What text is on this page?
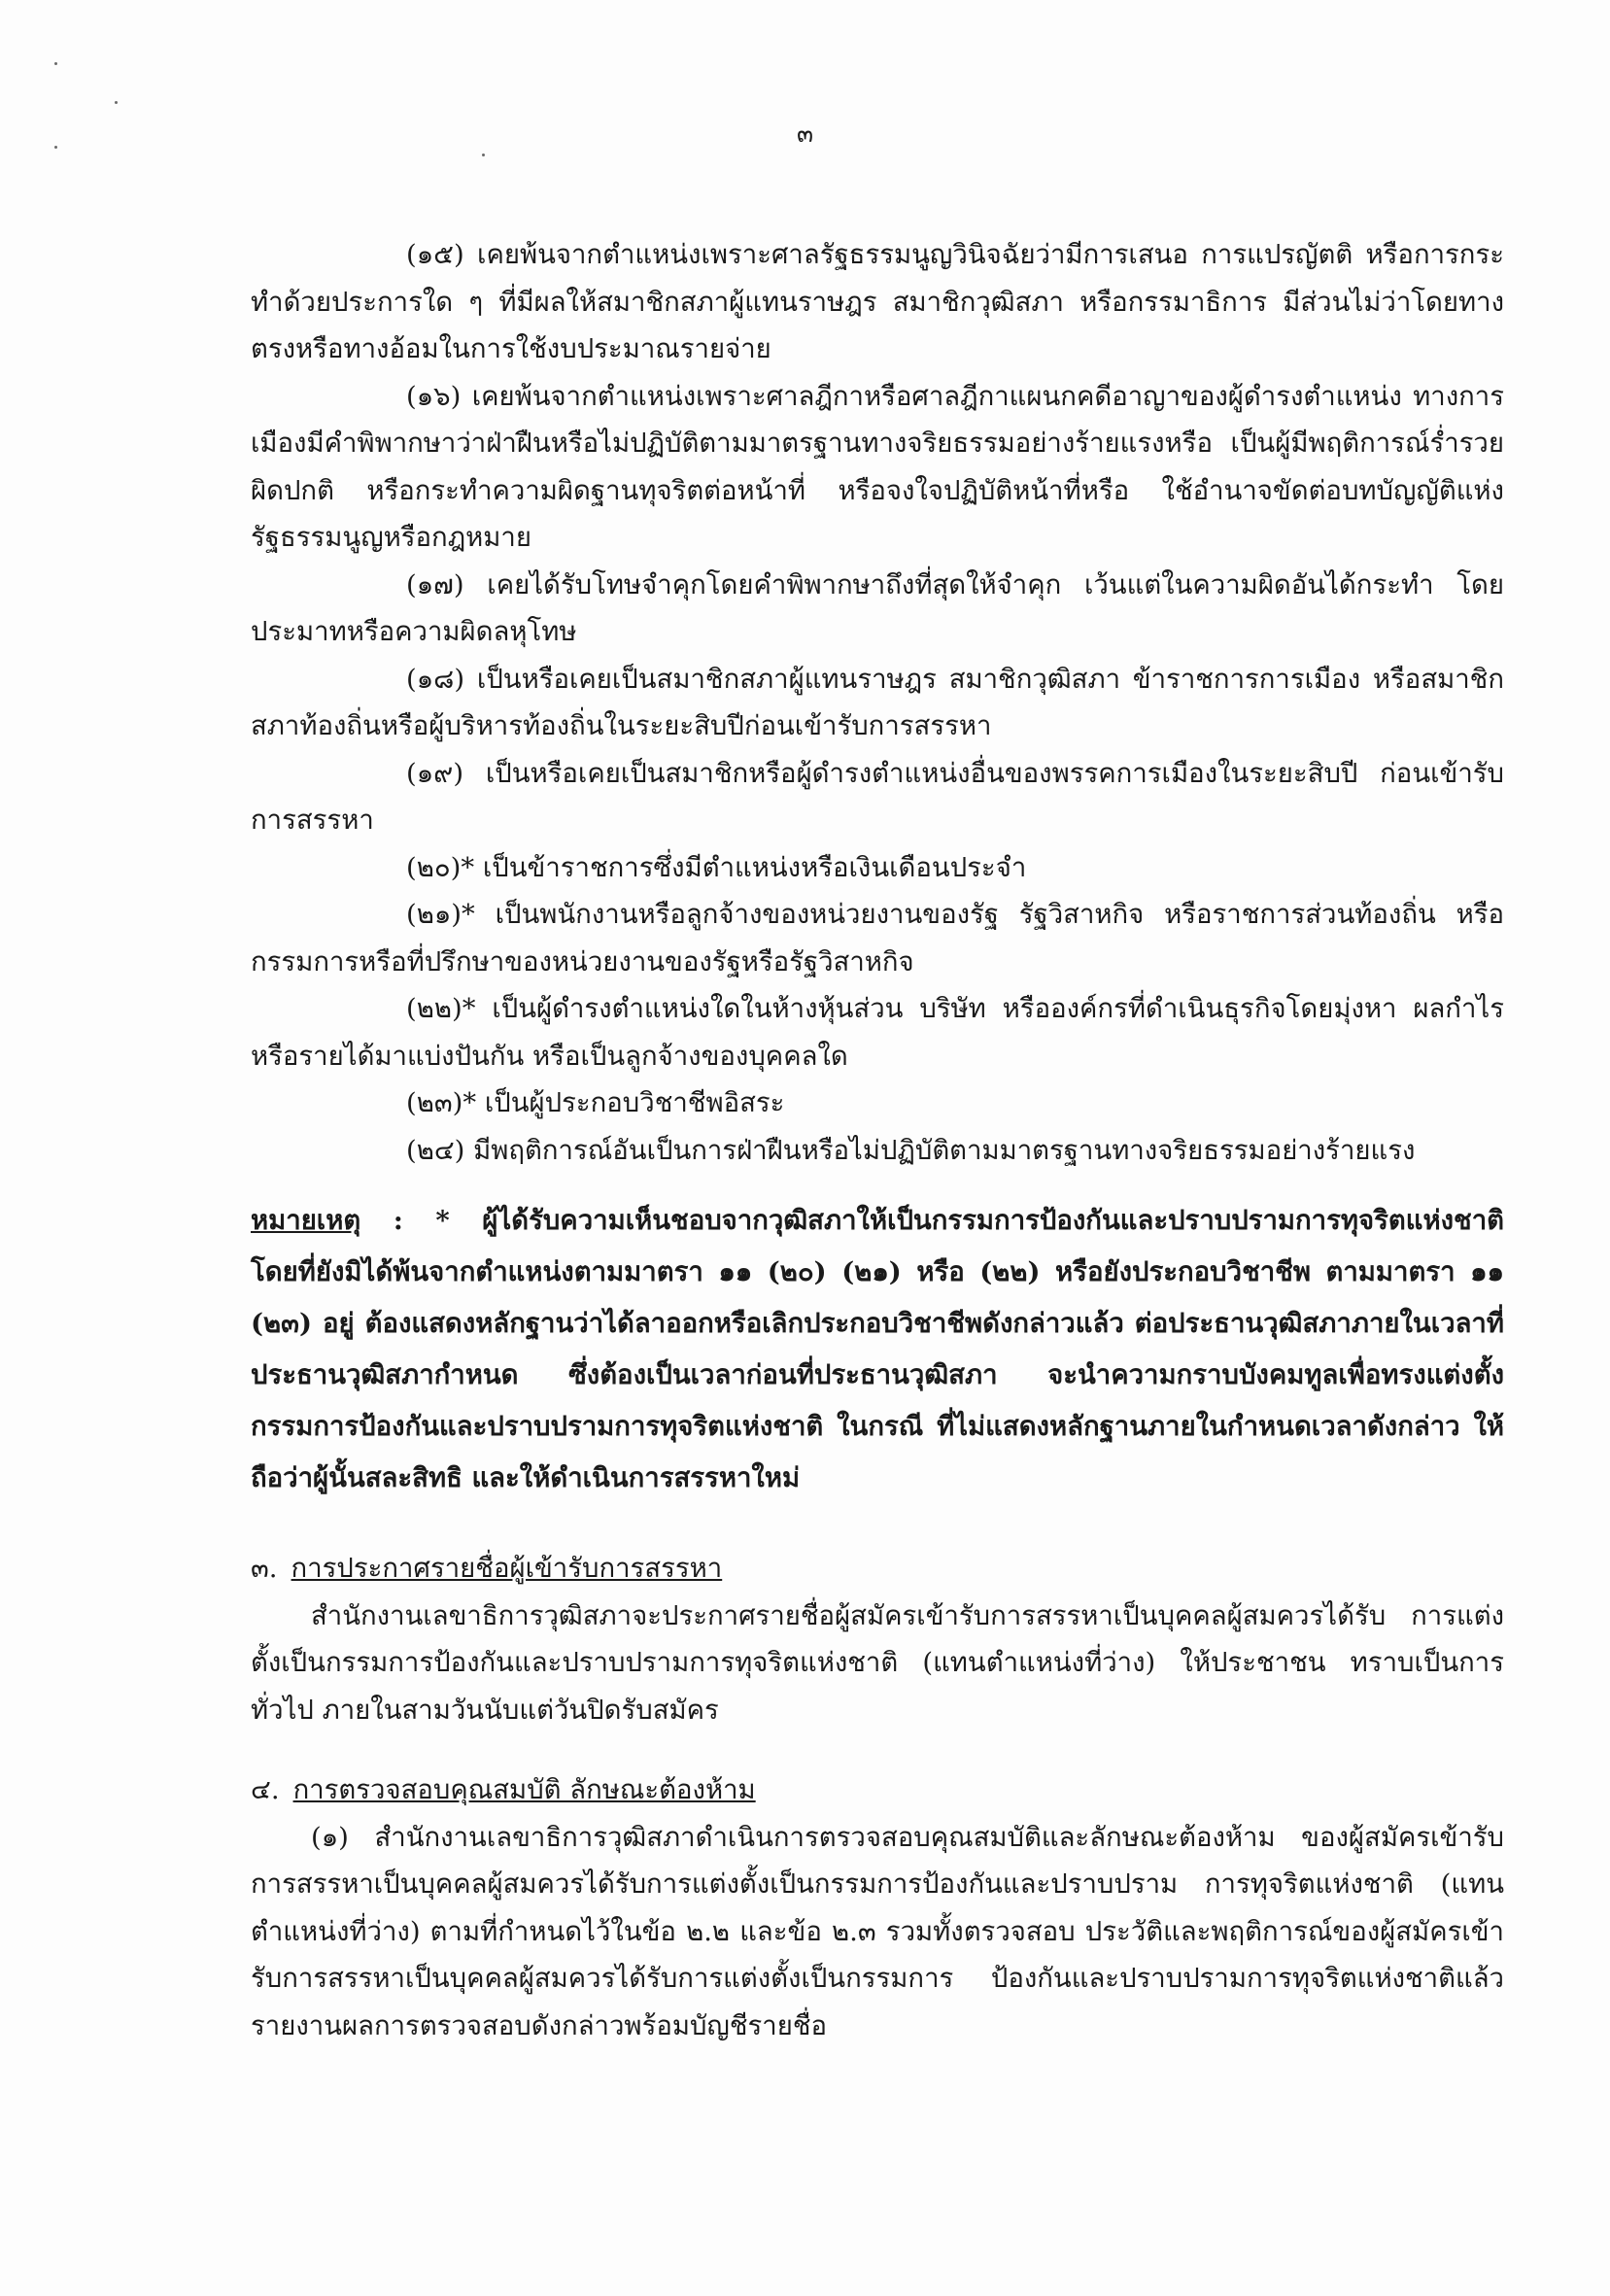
๓

(๑๕) เคยพ้นจากตำแหน่งเพราะศาลรัฐธรรมนูญวินิจฉัยว่ามีการเสนอ การแปรญัตติ หรือการกระทำด้วยประการใด ๆ ที่มีผลให้สมาชิกสภาผู้แทนราษฎร สมาชิกวุฒิสภา หรือกรรมาธิการ มีส่วนไม่ว่าโดยทางตรงหรือทางอ้อมในการใช้งบประมาณรายจ่าย

(๑๖) เคยพ้นจากตำแหน่งเพราะศาลฎีกาหรือศาลฎีกาแผนกคดีอาญาของผู้ดำรงตำแหน่ง ทางการเมืองมีคำพิพากษาว่าฝ่าฝืนหรือไม่ปฏิบัติตามมาตรฐานทางจริยธรรมอย่างร้ายแรงหรือ เป็นผู้มีพฤติการณ์ร่ำรวยผิดปกติ หรือกระทำความผิดฐานทุจริตต่อหน้าที่ หรือจงใจปฏิบัติหน้าที่หรือ ใช้อำนาจขัดต่อบทบัญญัติแห่งรัฐธรรมนูญหรือกฎหมาย

(๑๗) เคยได้รับโทษจำคุกโดยคำพิพากษาถึงที่สุดให้จำคุก เว้นแต่ในความผิดอันได้กระทำ โดยประมาทหรือความผิดลหุโทษ

(๑๘) เป็นหรือเคยเป็นสมาชิกสภาผู้แทนราษฎร สมาชิกวุฒิสภา ข้าราชการการเมือง หรือสมาชิกสภาท้องถิ่นหรือผู้บริหารท้องถิ่นในระยะสิบปีก่อนเข้ารับการสรรหา

(๑๙) เป็นหรือเคยเป็นสมาชิกหรือผู้ดำรงตำแหน่งอื่นของพรรคการเมืองในระยะสิบปี ก่อนเข้ารับการสรรหา

(๒๐)* เป็นข้าราชการซึ่งมีตำแหน่งหรือเงินเดือนประจำ

(๒๑)* เป็นพนักงานหรือลูกจ้างของหน่วยงานของรัฐ รัฐวิสาหกิจ หรือราชการส่วนท้องถิ่น หรือกรรมการหรือที่ปรึกษาของหน่วยงานของรัฐหรือรัฐวิสาหกิจ

(๒๒)* เป็นผู้ดำรงตำแหน่งใดในห้างหุ้นส่วน บริษัท หรือองค์กรที่ดำเนินธุรกิจโดยมุ่งหา ผลกำไรหรือรายได้มาแบ่งปันกัน หรือเป็นลูกจ้างของบุคคลใด

(๒๓)* เป็นผู้ประกอบวิชาชีพอิสระ

(๒๔) มีพฤติการณ์อันเป็นการฝ่าฝืนหรือไม่ปฏิบัติตามมาตรฐานทางจริยธรรมอย่างร้ายแรง

หมายเหตุ : * ผู้ได้รับความเห็นชอบจากวุฒิสภาให้เป็นกรรมการป้องกันและปราบปรามการทุจริตแห่งชาติ โดยที่ยังมิได้พ้นจากตำแหน่งตามมาตรา ๑๑ (๒๐) (๒๑) หรือ (๒๒) หรือยังประกอบวิชาชีพ ตามมาตรา ๑๑ (๒๓) อยู่ ต้องแสดงหลักฐานว่าได้ลาออกหรือเลิกประกอบวิชาชีพดังกล่าวแล้ว ต่อประธานวุฒิสภาภายในเวลาที่ประธานวุฒิสภากำหนด ซึ่งต้องเป็นเวลาก่อนที่ประธานวุฒิสภา จะนำความกราบบังคมทูลเพื่อทรงแต่งตั้งกรรมการป้องกันและปราบปรามการทุจริตแห่งชาติ ในกรณี ที่ไม่แสดงหลักฐานภายในกำหนดเวลาดังกล่าว ให้ถือว่าผู้นั้นสละสิทธิ และให้ดำเนินการสรรหาใหม่

๓. การประกาศรายชื่อผู้เข้ารับการสรรหา

สำนักงานเลขาธิการวุฒิสภาจะประกาศรายชื่อผู้สมัครเข้ารับการสรรหาเป็นบุคคลผู้สมควรได้รับ การแต่งตั้งเป็นกรรมการป้องกันและปราบปรามการทุจริตแห่งชาติ (แทนตำแหน่งที่ว่าง) ให้ประชาชน ทราบเป็นการทั่วไป ภายในสามวันนับแต่วันปิดรับสมัคร

๔. การตรวจสอบคุณสมบัติ ลักษณะต้องห้าม

(๑) สำนักงานเลขาธิการวุฒิสภาดำเนินการตรวจสอบคุณสมบัติและลักษณะต้องห้าม ของผู้สมัครเข้ารับการสรรหาเป็นบุคคลผู้สมควรได้รับการแต่งตั้งเป็นกรรมการป้องกันและปราบปราม การทุจริตแห่งชาติ (แทนตำแหน่งที่ว่าง) ตามที่กำหนดไว้ในข้อ ๒.๒ และข้อ ๒.๓ รวมทั้งตรวจสอบ ประวัติและพฤติการณ์ของผู้สมัครเข้ารับการสรรหาเป็นบุคคลผู้สมควรได้รับการแต่งตั้งเป็นกรรมการ ป้องกันและปราบปรามการทุจริตแห่งชาติแล้วรายงานผลการตรวจสอบดังกล่าวพร้อมบัญชีรายชื่อ
